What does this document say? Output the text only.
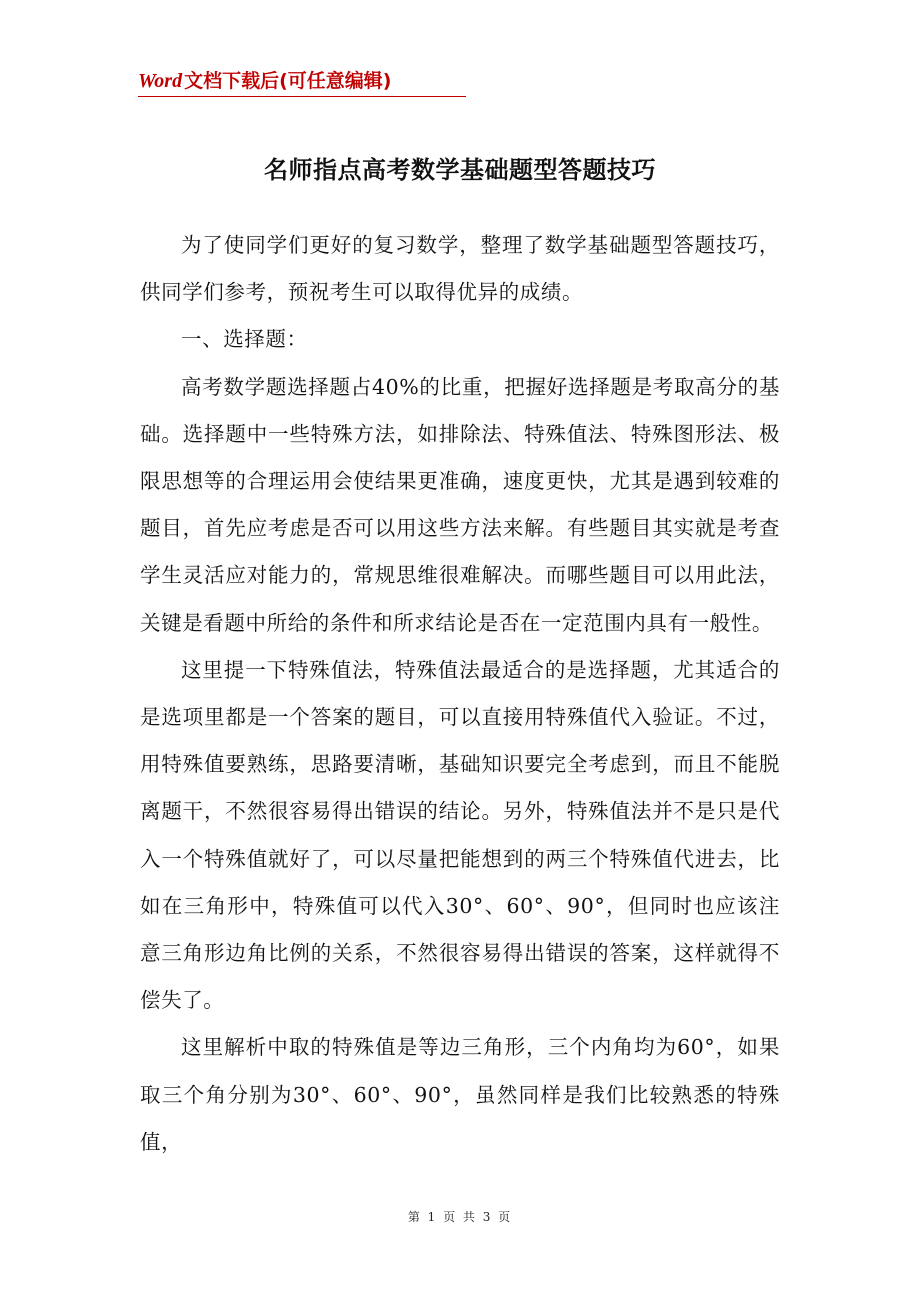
Word 文档下载后(可任意编辑)
名师指点高考数学基础题型答题技巧

为了使同学们更好的复习数学，整理了数学基础题型答题技巧，供同学们参考，预祝考生可以取得优异的成绩。

一、选择题：

高考数学题选择题占40%的比重，把握好选择题是考取高分的基础。选择题中一些特殊方法，如排除法、特殊值法、特殊图形法、极限思想等的合理运用会使结果更准确，速度更快，尤其是遇到较难的题目，首先应考虑是否可以用这些方法来解。有些题目其实就是考查学生灵活应对能力的，常规思维很难解决。而哪些题目可以用此法，关键是看题中所给的条件和所求结论是否在一定范围内具有一般性。

这里提一下特殊值法，特殊值法最适合的是选择题，尤其适合的是选项里都是一个答案的题目，可以直接用特殊值代入验证。不过，用特殊值要熟练，思路要清晰，基础知识要完全考虑到，而且不能脱离题干，不然很容易得出错误的结论。另外，特殊值法并不是只是代入一个特殊值就好了，可以尽量把能想到的两三个特殊值代进去，比如在三角形中，特殊值可以代入30°、60°、90°，但同时也应该注意三角形边角比例的关系，不然很容易得出错误的答案，这样就得不偿失了。

这里解析中取的特殊值是等边三角形，三个内角均为60°，如果取三个角分别为30°、60°、90°，虽然同样是我们比较熟悉的特殊值，

第 1 页 共 3 页
